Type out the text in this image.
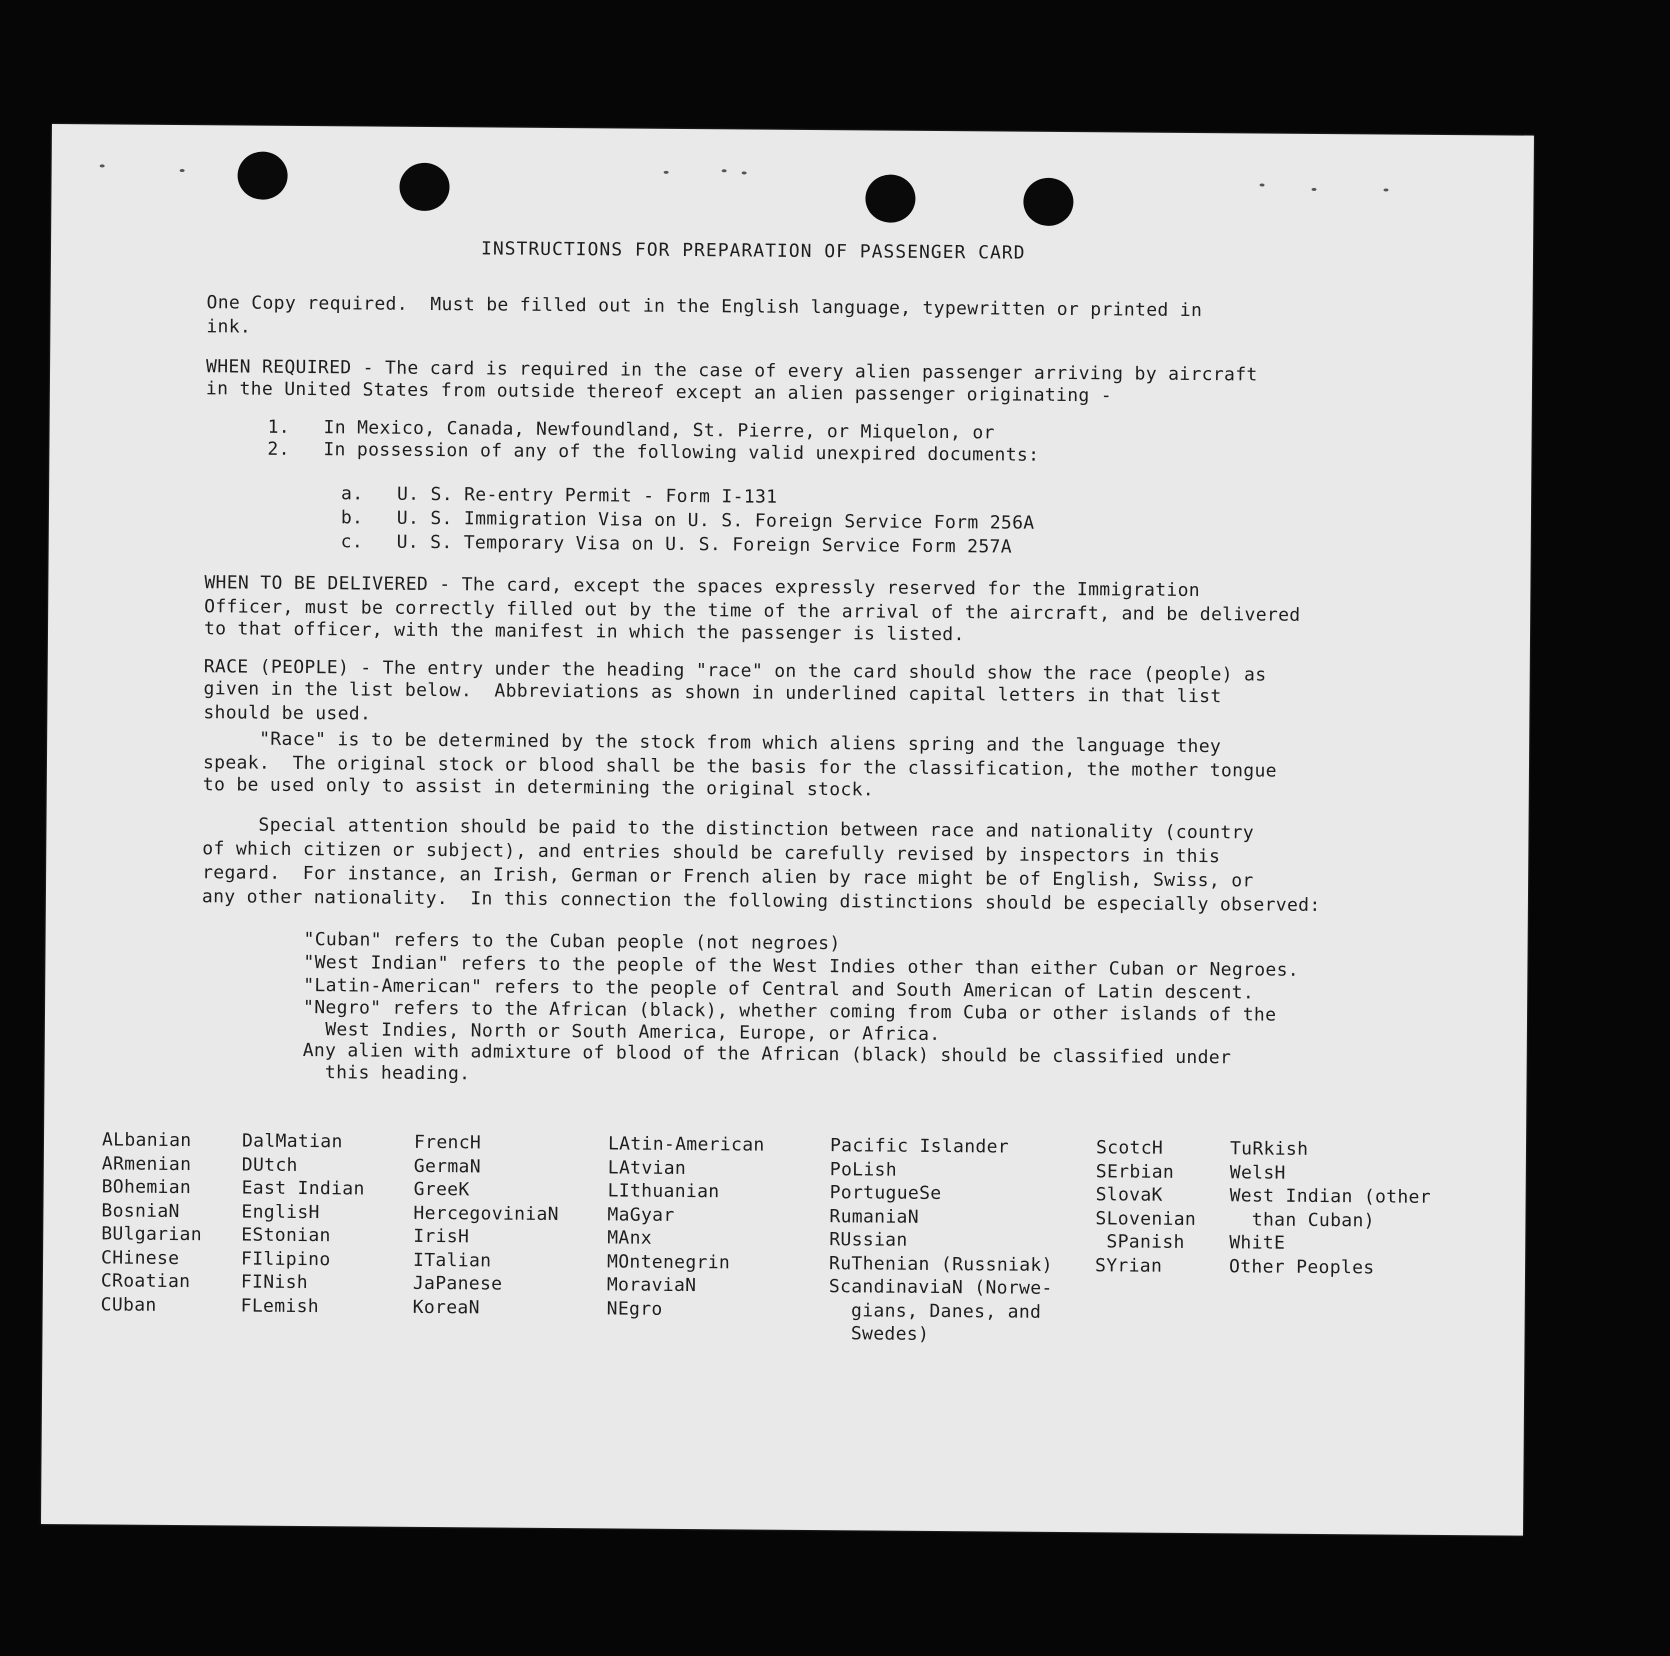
INSTRUCTIONS FOR PREPARATION OF PASSENGER CARD
One Copy required.  Must be filled out in the English language, typewritten or printed in
ink.
WHEN REQUIRED - The card is required in the case of every alien passenger arriving by aircraft
in the United States from outside thereof except an alien passenger originating -
1.   In Mexico, Canada, Newfoundland, St. Pierre, or Miquelon, or
2.   In possession of any of the following valid unexpired documents:
a.   U. S. Re-entry Permit - Form I-131
b.   U. S. Immigration Visa on U. S. Foreign Service Form 256A
c.   U. S. Temporary Visa on U. S. Foreign Service Form 257A
WHEN TO BE DELIVERED - The card, except the spaces expressly reserved for the Immigration
Officer, must be correctly filled out by the time of the arrival of the aircraft, and be delivered
to that officer, with the manifest in which the passenger is listed.
RACE (PEOPLE) - The entry under the heading "race" on the card should show the race (people) as
given in the list below.  Abbreviations as shown in underlined capital letters in that list
should be used.
"Race" is to be determined by the stock from which aliens spring and the language they
speak.  The original stock or blood shall be the basis for the classification, the mother tongue
to be used only to assist in determining the original stock.
Special attention should be paid to the distinction between race and nationality (country
of which citizen or subject), and entries should be carefully revised by inspectors in this
regard.  For instance, an Irish, German or French alien by race might be of English, Swiss, or
any other nationality.  In this connection the following distinctions should be especially observed:
"Cuban" refers to the Cuban people (not negroes)
"West Indian" refers to the people of the West Indies other than either Cuban or Negroes.
"Latin-American" refers to the people of Central and South American of Latin descent.
"Negro" refers to the African (black), whether coming from Cuba or other islands of the
West Indies, North or South America, Europe, or Africa.
Any alien with admixture of blood of the African (black) should be classified under
this heading.
ALbanian
ARmenian
BOhemian
BosniaN
BUlgarian
CHinese
CRoatian
CUban
DalMatian
DUtch
East Indian
EnglisH
EStonian
FIlipino
FINish
FLemish
FrencH
GermaN
GreeK
HercegoviniaN
IrisH
ITalian
JaPanese
KoreaN
LAtin-American
LAtvian
LIthuanian
MaGyar
MAnx
MOntenegrin
MoraviaN
NEgro
Pacific Islander
PoLish
PortugueSe
RumaniaN
RUssian
RuThenian (Russniak)
ScandinaviaN (Norwe-
gians, Danes, and
Swedes)
ScotcH
SErbian
SlovaK
SLovenian
SPanish
SYrian
TuRkish
WelsH
West Indian (other
than Cuban)
WhitE
Other Peoples
